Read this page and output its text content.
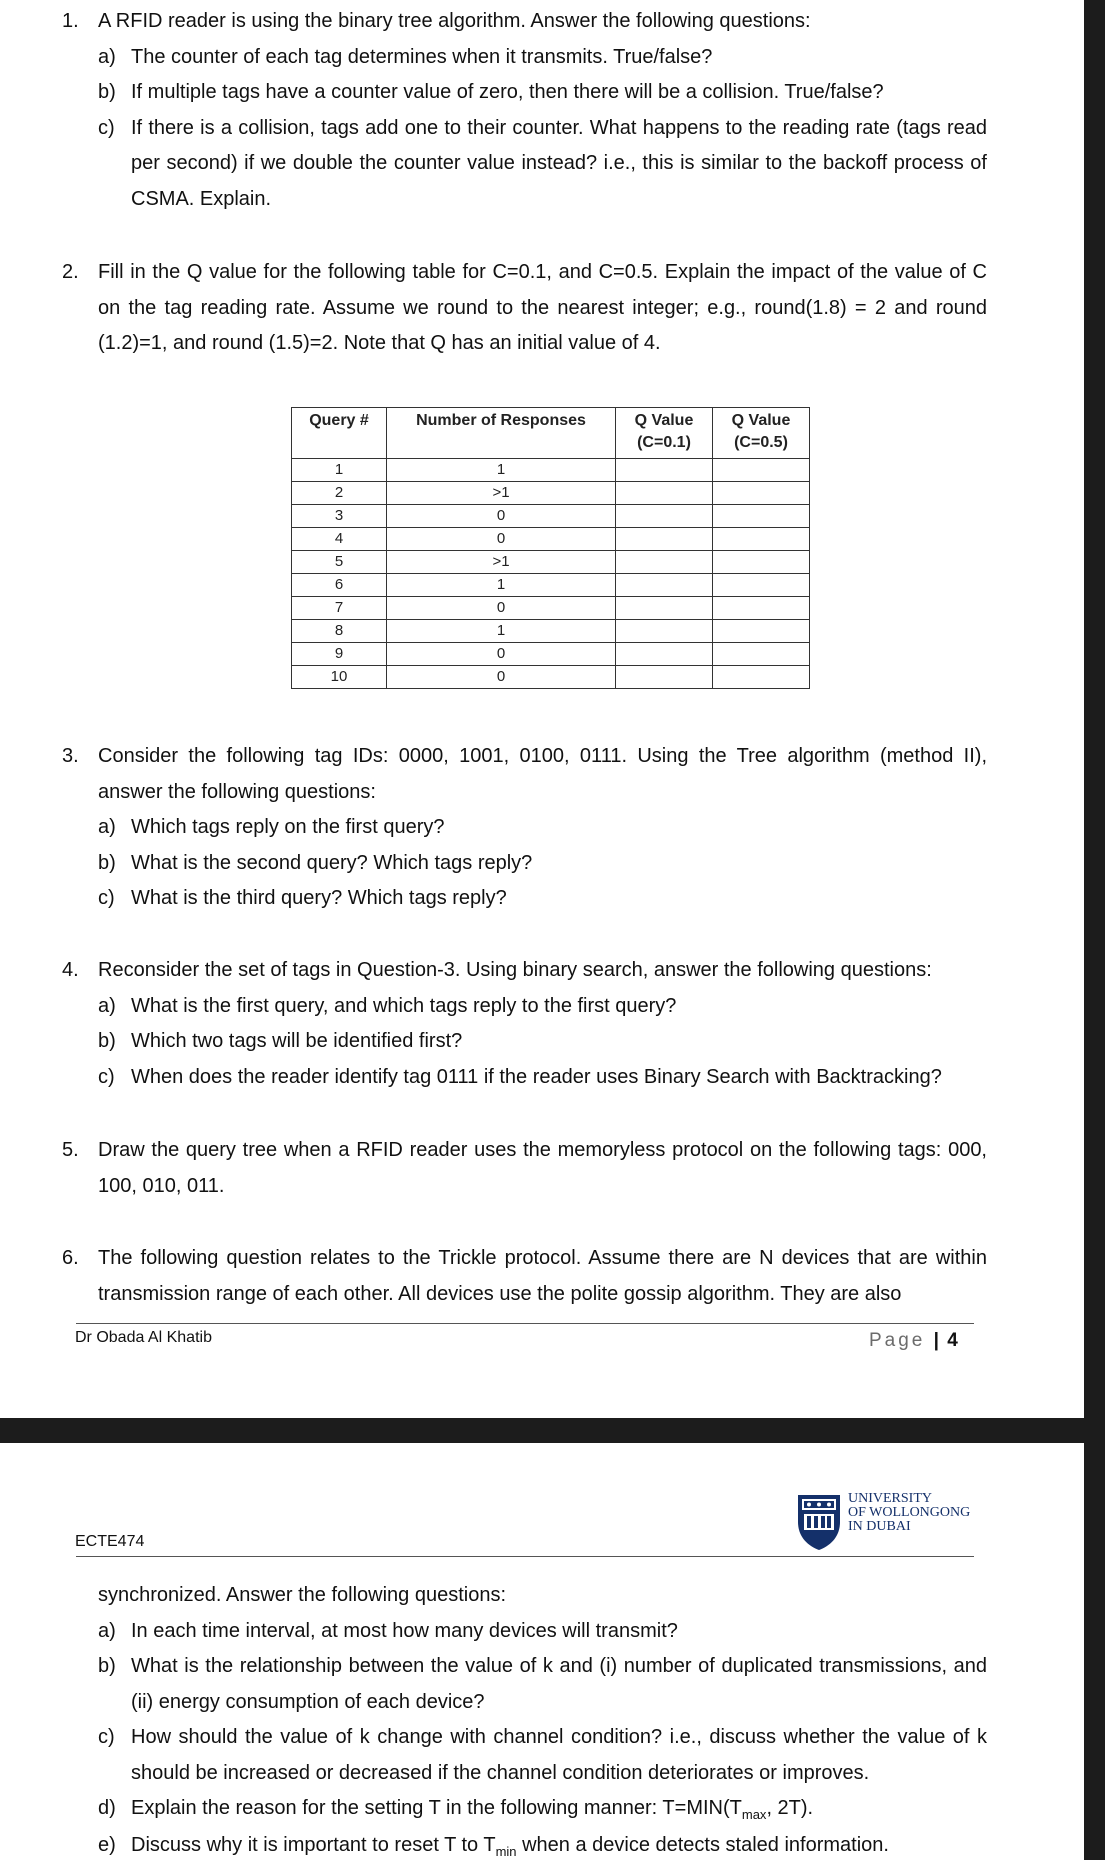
1. A RFID reader is using the binary tree algorithm. Answer the following questions:
a) The counter of each tag determines when it transmits. True/false?
b) If multiple tags have a counter value of zero, then there will be a collision. True/false?
c) If there is a collision, tags add one to their counter. What happens to the reading rate (tags read per second) if we double the counter value instead? i.e., this is similar to the backoff process of CSMA. Explain.
2. Fill in the Q value for the following table for C=0.1, and C=0.5. Explain the impact of the value of C on the tag reading rate. Assume we round to the nearest integer; e.g., round(1.8) = 2 and round (1.2)=1, and round (1.5)=2. Note that Q has an initial value of 4.
Query #	Number of Responses	Q Value (C=0.1)	Q Value (C=0.5)
1	1		
2	>1		
3	0		
4	0		
5	>1		
6	1		
7	0		
8	1		
9	0		
10	0		
3. Consider the following tag IDs: 0000, 1001, 0100, 0111. Using the Tree algorithm (method II), answer the following questions:
a) Which tags reply on the first query?
b) What is the second query? Which tags reply?
c) What is the third query? Which tags reply?
4. Reconsider the set of tags in Question-3. Using binary search, answer the following questions:
a) What is the first query, and which tags reply to the first query?
b) Which two tags will be identified first?
c) When does the reader identify tag 0111 if the reader uses Binary Search with Backtracking?
5. Draw the query tree when a RFID reader uses the memoryless protocol on the following tags: 000, 100, 010, 011.
6. The following question relates to the Trickle protocol. Assume there are N devices that are within transmission range of each other. All devices use the polite gossip algorithm. They are also
Dr Obada Al Khatib	Page | 4
UNIVERSITY
OF WOLLONGONG
IN DUBAI
ECTE474
synchronized. Answer the following questions:
a) In each time interval, at most how many devices will transmit?
b) What is the relationship between the value of k and (i) number of duplicated transmissions, and (ii) energy consumption of each device?
c) How should the value of k change with channel condition? i.e., discuss whether the value of k should be increased or decreased if the channel condition deteriorates or improves.
d) Explain the reason for the setting T in the following manner: $T=MIN(T_{max}$, 2T).
e) Discuss why it is important to reset T to $T_{min}$ when a device detects staled information.
